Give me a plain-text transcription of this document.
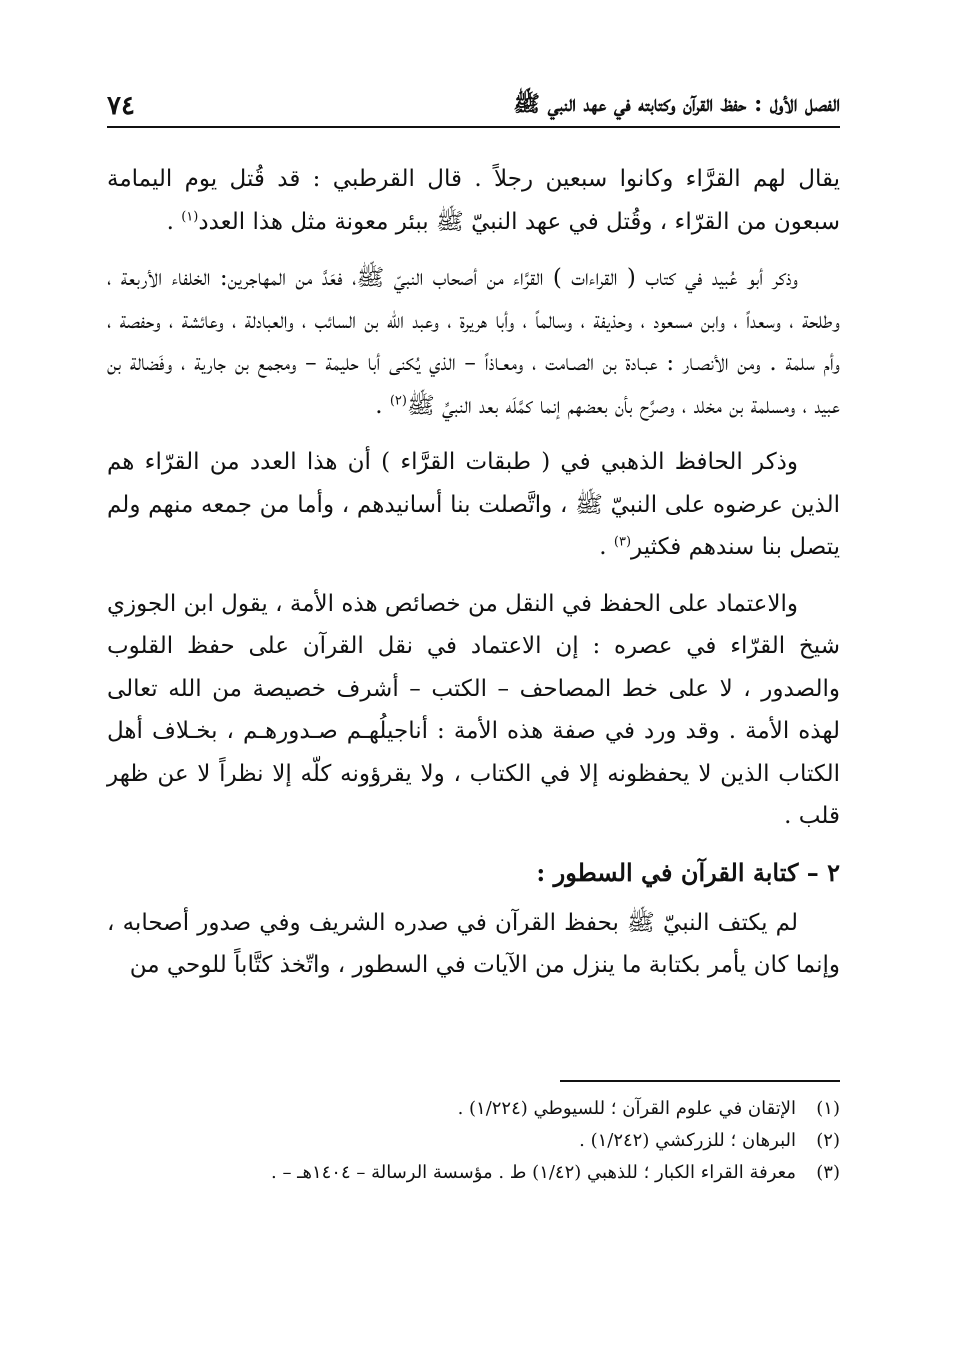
الفصل الأول : حفظ القرآن وكتابته في عهد النبي ﷺ
٧٤

يقال لهم القرَّاء وكانوا سبعين رجلاً . قال القرطبي : قد قُتل يوم اليمامة سبعون من القرّاء ، وقُتل في عهد النبيّ ﷺ ببئر معونة مثل هذا العدد$^{(١)}$ .

وذكر أبو عُبيد في كتاب ( القراءات ) القرَّاء من أصحاب النبيّ ﷺ، فعَدَّ من المهاجرين: الخلفاء الأربعة ، وطلحة ، وسعداً ، وابن مسعود ، وحذيفة ، وسالماً ، وأبا هريرة ، وعبد الله بن السائب ، والعبادلة ، وعائشة ، وحفصة ، وأم سلمة . ومن الأنصـار : عبـادة بن الصـامت ، ومعـاذاً – الذي يُكنى أبا حليمة – ومجمع بن جارية ، وفَضالة بن عبيد ، ومسلمة بن مخلد ، وصرَّح بأن بعضهم إنما كمَّلَه بعد النبيِّ ﷺ$^{(٢)}$ .

وذكر الحافظ الذهبي في ( طبقات القرَّاء ) أن هذا العدد من القرّاء هم الذين عرضوه على النبيّ ﷺ ، واتَّصلت بنا أسانيدهم ، وأما من جمعه منهم ولم يتصل بنا سندهم فكثير$^{(٣)}$ .

والاعتماد على الحفظ في النقل من خصائص هذه الأمة ، يقول ابن الجوزي شيخ القرّاء في عصره : إن الاعتماد في نقل القرآن على حفظ القلوب والصدور ، لا على خط المصاحف – الكتب – أشرف خصيصة من الله تعالى لهذه الأمة . وقد ورد في صفة هذه الأمة : أناجيلُهـم صـدورهـم ، بخـلاف أهل الكتاب الذين لا يحفظونه إلا في الكتاب ، ولا يقرؤونه كلّه إلا نظراً لا عن ظهر قلب .

٢ – كتابة القرآن في السطور :

لم يكتف النبيّ ﷺ بحفظ القرآن في صدره الشريف وفي صدور أصحابه ، وإنما كان يأمر بكتابة ما ينزل من الآيات في السطور ، واتّخذ كتَّاباً للوحي من

(١)
الإتقان في علوم القرآن ؛ للسيوطي (١/٢٢٤) .
(٢)
البرهان ؛ للزركشي (١/٢٤٢) .
(٣)
معرفة القراء الكبار ؛ للذهبي (١/٤٢) ط . مؤسسة الرسالة – ١٤٠٤هـ – .
